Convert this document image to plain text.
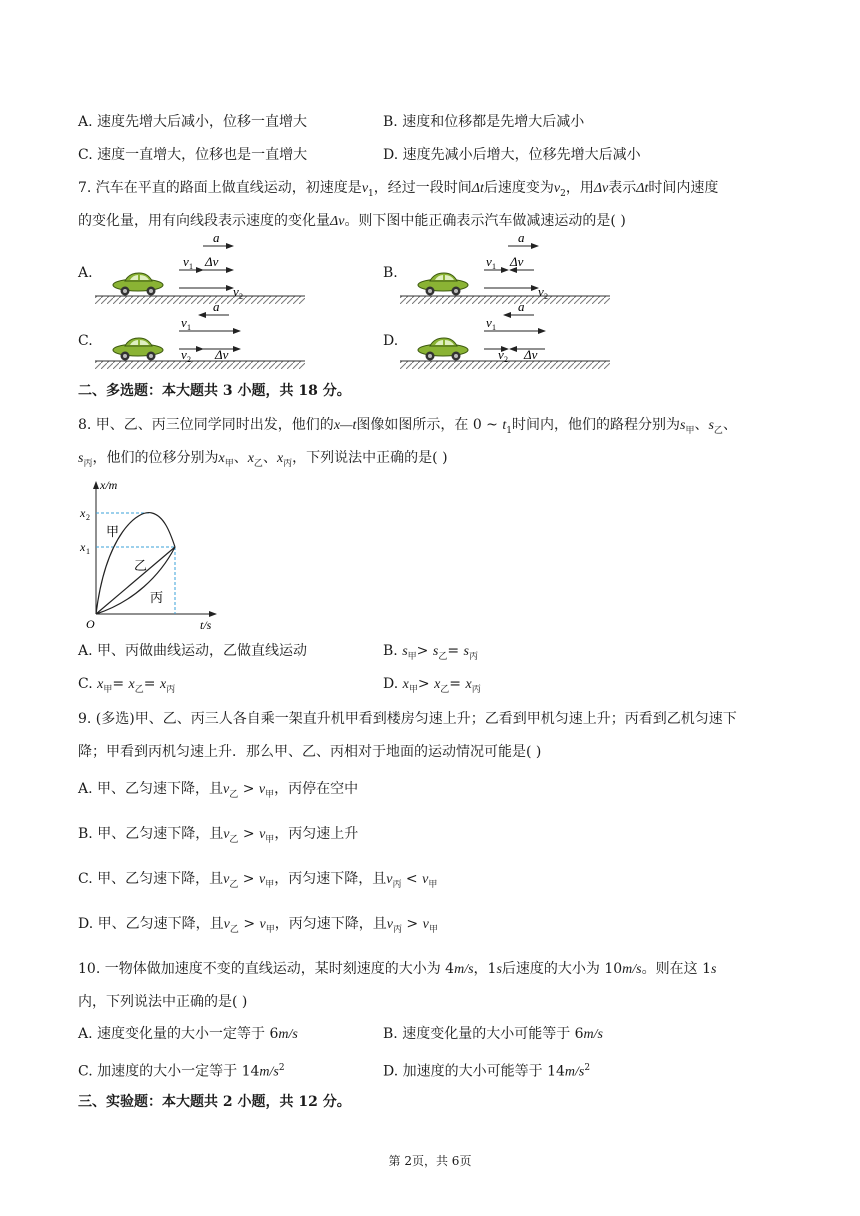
A. 速度先增大后减小，位移一直增大	B. 速度和位移都是先增大后减小
C. 速度一直增大，位移也是一直增大	D. 速度先减小后增大，位移先增大后减小
7. 汽车在平直的路面上做直线运动，初速度是$v_1$，经过一段时间Δt后速度变为$v_2$，用Δv表示Δt时间内速度
的变化量，用有向线段表示速度的变化量Δv。则下图中能正确表示汽车做减速运动的是( )
A.	B.
C.	D.
a
v 1 Δv
v 2
a
v 1 Δv
v 2
a
v 1
v 2 Δv
a
v 1
v 2 Δv
二、多选题：本大题共 3 小题，共 18 分。
8. 甲、乙、丙三位同学同时出发，他们的x—t图像如图所示，在 0 ~ $t_1$时间内，他们的路程分别为$s_甲$、$s_乙$、
$s_丙$，他们的位移分别为$x_甲$、$x_乙$、$x_丙$，下列说法中正确的是( )
x/m
t/s
O
x 2
x 1
甲
乙
丙
A. 甲、丙做曲线运动，乙做直线运动	B. $s_甲> s_乙= s_丙$
C. $x_甲= x_乙= x_丙$	D. $x_甲> x_乙= x_丙$
9. (多选)甲、乙、丙三人各自乘一架直升机甲看到楼房匀速上升；乙看到甲机匀速上升；丙看到乙机匀速下
降；甲看到丙机匀速上升．那么甲、乙、丙相对于地面的运动情况可能是( )
A. 甲、乙匀速下降，且$v_乙 > v_甲$，丙停在空中
B. 甲、乙匀速下降，且$v_乙 > v_甲$，丙匀速上升
C. 甲、乙匀速下降，且$v_乙 > v_甲$，丙匀速下降，且$v_丙 < v_甲$
D. 甲、乙匀速下降，且$v_乙 > v_甲$，丙匀速下降，且$v_丙 > v_甲$
10. 一物体做加速度不变的直线运动，某时刻速度的大小为 4m/s，1s后速度的大小为 10m/s。则在这 1s
内，下列说法中正确的是( )
A. 速度变化量的大小一定等于 6m/s	B. 速度变化量的大小可能等于 6m/s
C. 加速度的大小一定等于 $14m/s^2$	D. 加速度的大小可能等于 $14m/s^2$
三、实验题：本大题共 2 小题，共 12 分。
第 2页，共 6页
